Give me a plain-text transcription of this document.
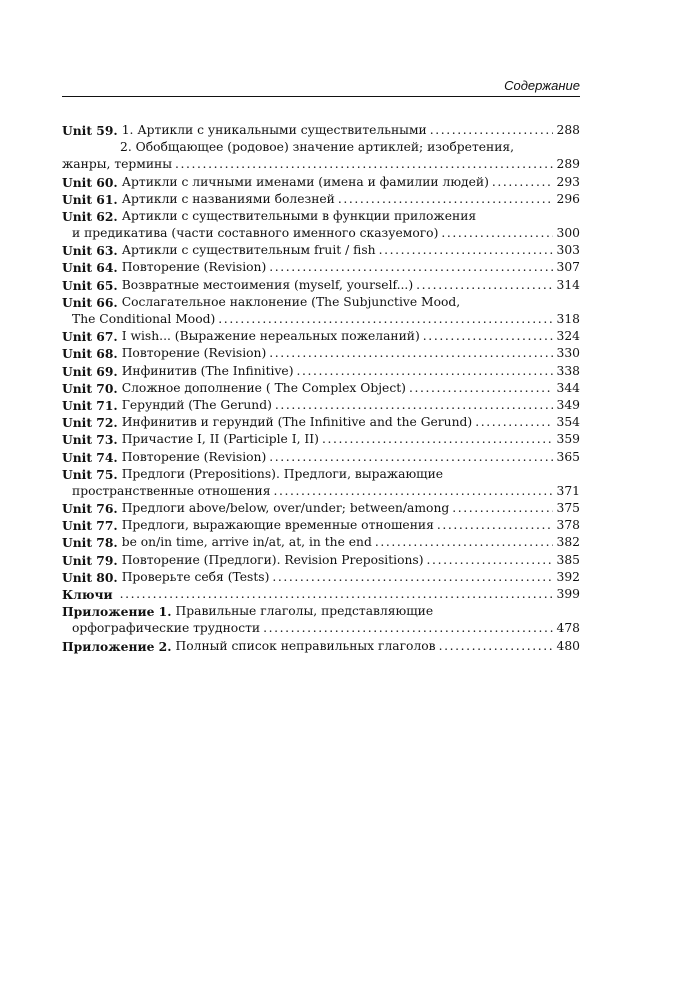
Содержание
Unit 59. 1. Артикли с уникальными существительными .....	288
2. Обобщающее (родовое) значение артиклей; изобретения,
жанры, термины .....	289
Unit 60. Артикли с личными именами (имена и фамилии людей) .....	293
Unit 61. Артикли с названиями болезней .....	296
Unit 62. Артикли с существительными в функции приложения
и предикатива (части составного именного сказуемого) .....	300
Unit 63. Артикли с существительным fruit / fish .....	303
Unit 64. Повторение (Revision) .....	307
Unit 65. Возвратные местоимения (myself, yourself...) .....	314
Unit 66. Сослагательное наклонение (The Subjunctive Mood,
The Conditional Mood) .....	318
Unit 67. I wish... (Выражение нереальных пожеланий) .....	324
Unit 68. Повторение (Revision) .....	330
Unit 69. Инфинитив (The Infinitive) .....	338
Unit 70. Сложное дополнение ( The Complex Object) .....	344
Unit 71. Герундий (The Gerund) .....	349
Unit 72. Инфинитив и герундий (The Infinitive and the Gerund) .....	354
Unit 73. Причастие I, II (Participle I, II) .....	359
Unit 74. Повторение (Revision) .....	365
Unit 75. Предлоги (Prepositions). Предлоги, выражающие
пространственные отношения .....	371
Unit 76. Предлоги above/below, over/under; between/among .....	375
Unit 77. Предлоги, выражающие временные отношения .....	378
Unit 78. be on/in time, arrive in/at, at, in the end .....	382
Unit 79. Повторение (Предлоги). Revision Prepositions) .....	385
Unit 80. Проверьте себя (Tests) .....	392
Ключи .....	399
Приложение 1. Правильные глаголы, представляющие
орфографические трудности .....	478
Приложение 2. Полный список неправильных глаголов .....	480
